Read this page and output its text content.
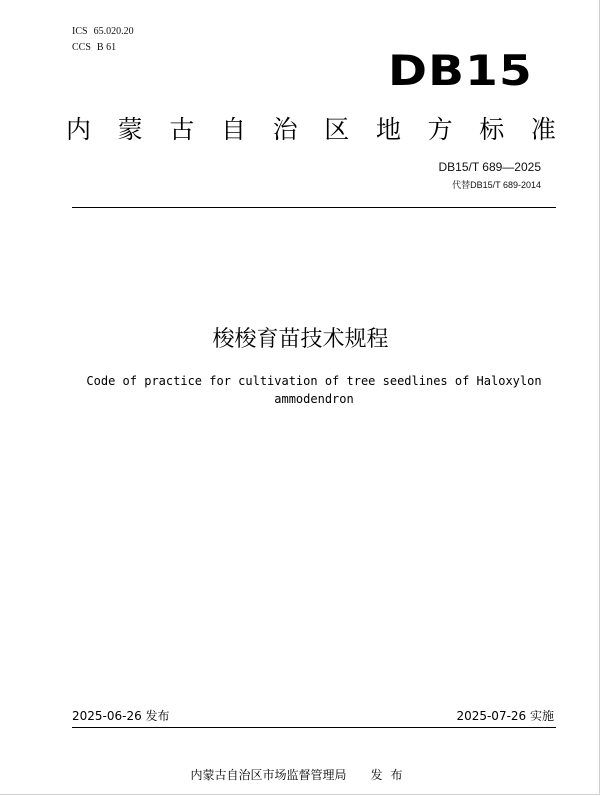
ICS 65.020.20
CCS B 61	DB15
内 蒙 古 自 治 区 地 方 标 准
DB15/T 689—2025
代替DB15/T 689-2014
梭梭育苗技术规程
Code of practice for cultivation of tree seedlines of Haloxylon
ammodendron
2025-06-26 发布	2025-07-26 实施
内蒙古自治区市场监督管理局 发布
